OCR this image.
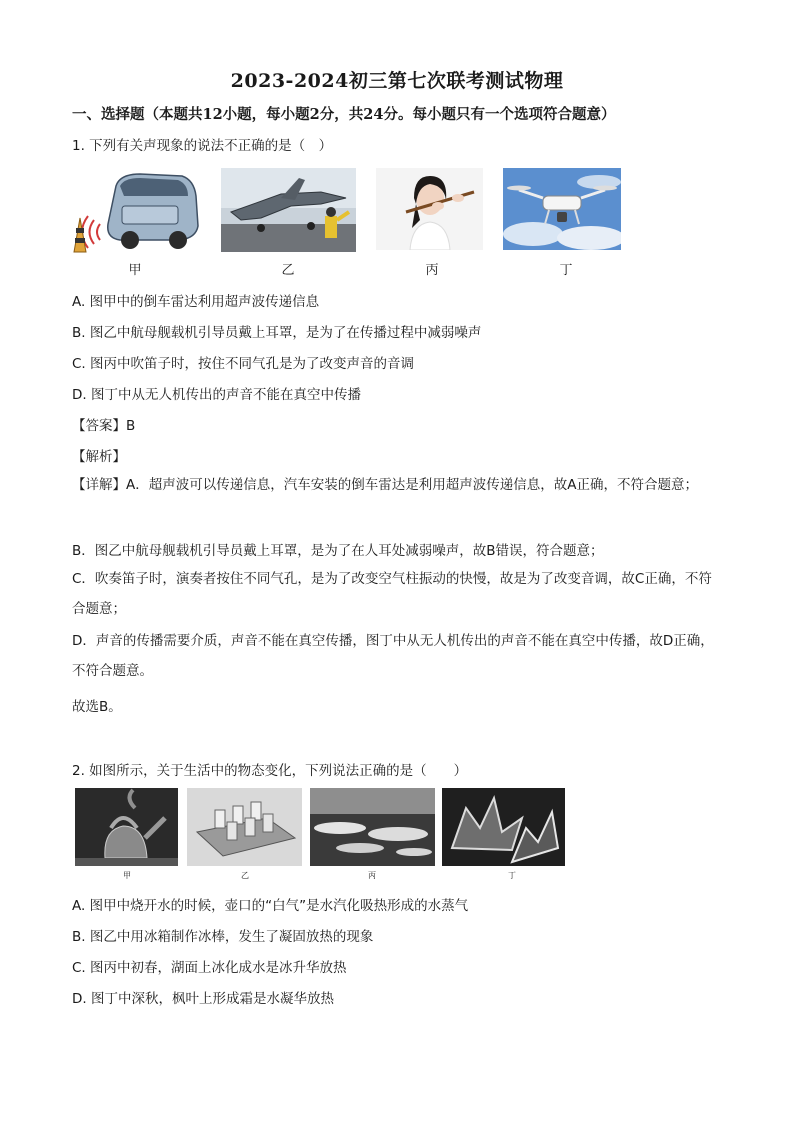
2023-2024初三第七次联考测试物理
一、选择题（本题共12小题，每小题2分，共24分。每小题只有一个选项符合题意）
1. 下列有关声现象的说法不正确的是（　）
甲	乙	丙	丁
A. 图甲中的倒车雷达利用超声波传递信息
B. 图乙中航母舰载机引导员戴上耳罩，是为了在传播过程中减弱噪声
C. 图丙中吹笛子时，按住不同气孔是为了改变声音的音调
D. 图丁中从无人机传出的声音不能在真空中传播
【答案】B
【解析】
【详解】A．超声波可以传递信息，汽车安装的倒车雷达是利用超声波传递信息，故A正确，不符合题意；
B．图乙中航母舰载机引导员戴上耳罩，是为了在人耳处减弱噪声，故B错误，符合题意；
C．吹奏笛子时，演奏者按住不同气孔，是为了改变空气柱振动的快慢，故是为了改变音调，故C正确，不符合题意；
D．声音的传播需要介质，声音不能在真空传播，图丁中从无人机传出的声音不能在真空中传播，故D正确，不符合题意。
故选B。
2. 如图所示，关于生活中的物态变化，下列说法正确的是（　　）
甲	乙	丙	丁
A. 图甲中烧开水的时候，壶口的“白气”是水汽化吸热形成的水蒸气
B. 图乙中用冰箱制作冰棒，发生了凝固放热的现象
C. 图丙中初春，湖面上冰化成水是冰升华放热
D. 图丁中深秋，枫叶上形成霜是水凝华放热
